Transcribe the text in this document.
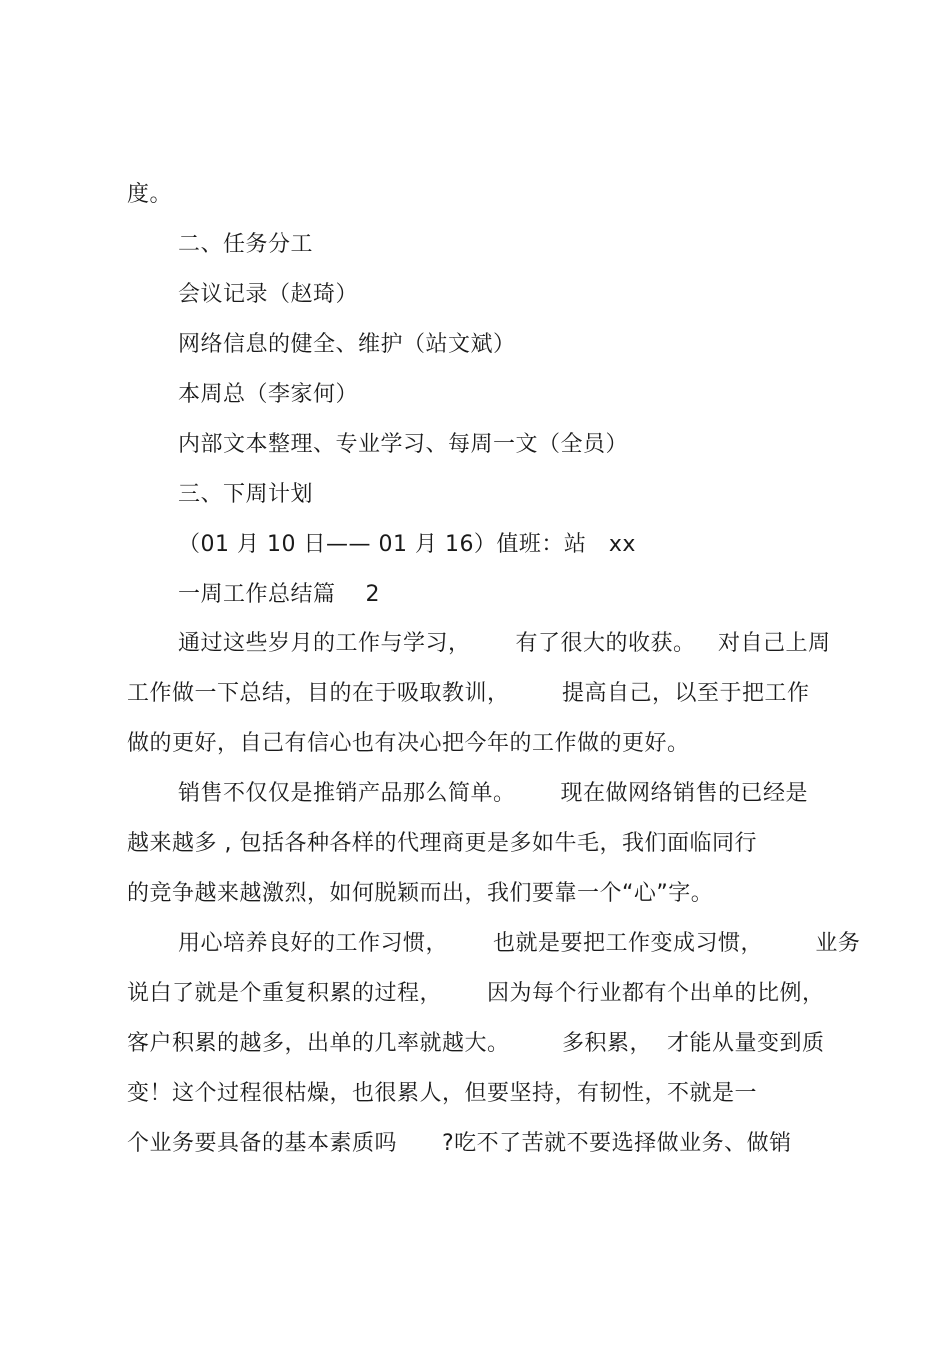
度。
二、任务分工
会议记录（赵琦）
网络信息的健全、维护（站文斌）
本周总（李家何）
内部文本整理、专业学习、每周一文（全员）
三、下周计划
（01 月 10 日—— 01 月 16）值班：站   xx
一周工作总结篇    2
通过这些岁月的工作与学习，      有了很大的收获。   对自己上周
工作做一下总结，目的在于吸取教训，       提高自己，以至于把工作
做的更好，自己有信心也有决心把今年的工作做的更好。
销售不仅仅是推销产品那么简单。      现在做网络销售的已经是
越来越多 , 包括各种各样的代理商更是多如牛毛，我们面临同行
的竞争越来越激烈，如何脱颖而出，我们要靠一个“心”字。
用心培养良好的工作习惯，      也就是要把工作变成习惯，       业务
说白了就是个重复积累的过程，      因为每个行业都有个出单的比例，
客户积累的越多，出单的几率就越大。       多积累，  才能从量变到质
变！这个过程很枯燥，也很累人，但要坚持，有韧性，不就是一
个业务要具备的基本素质吗      ?吃不了苦就不要选择做业务、做销
